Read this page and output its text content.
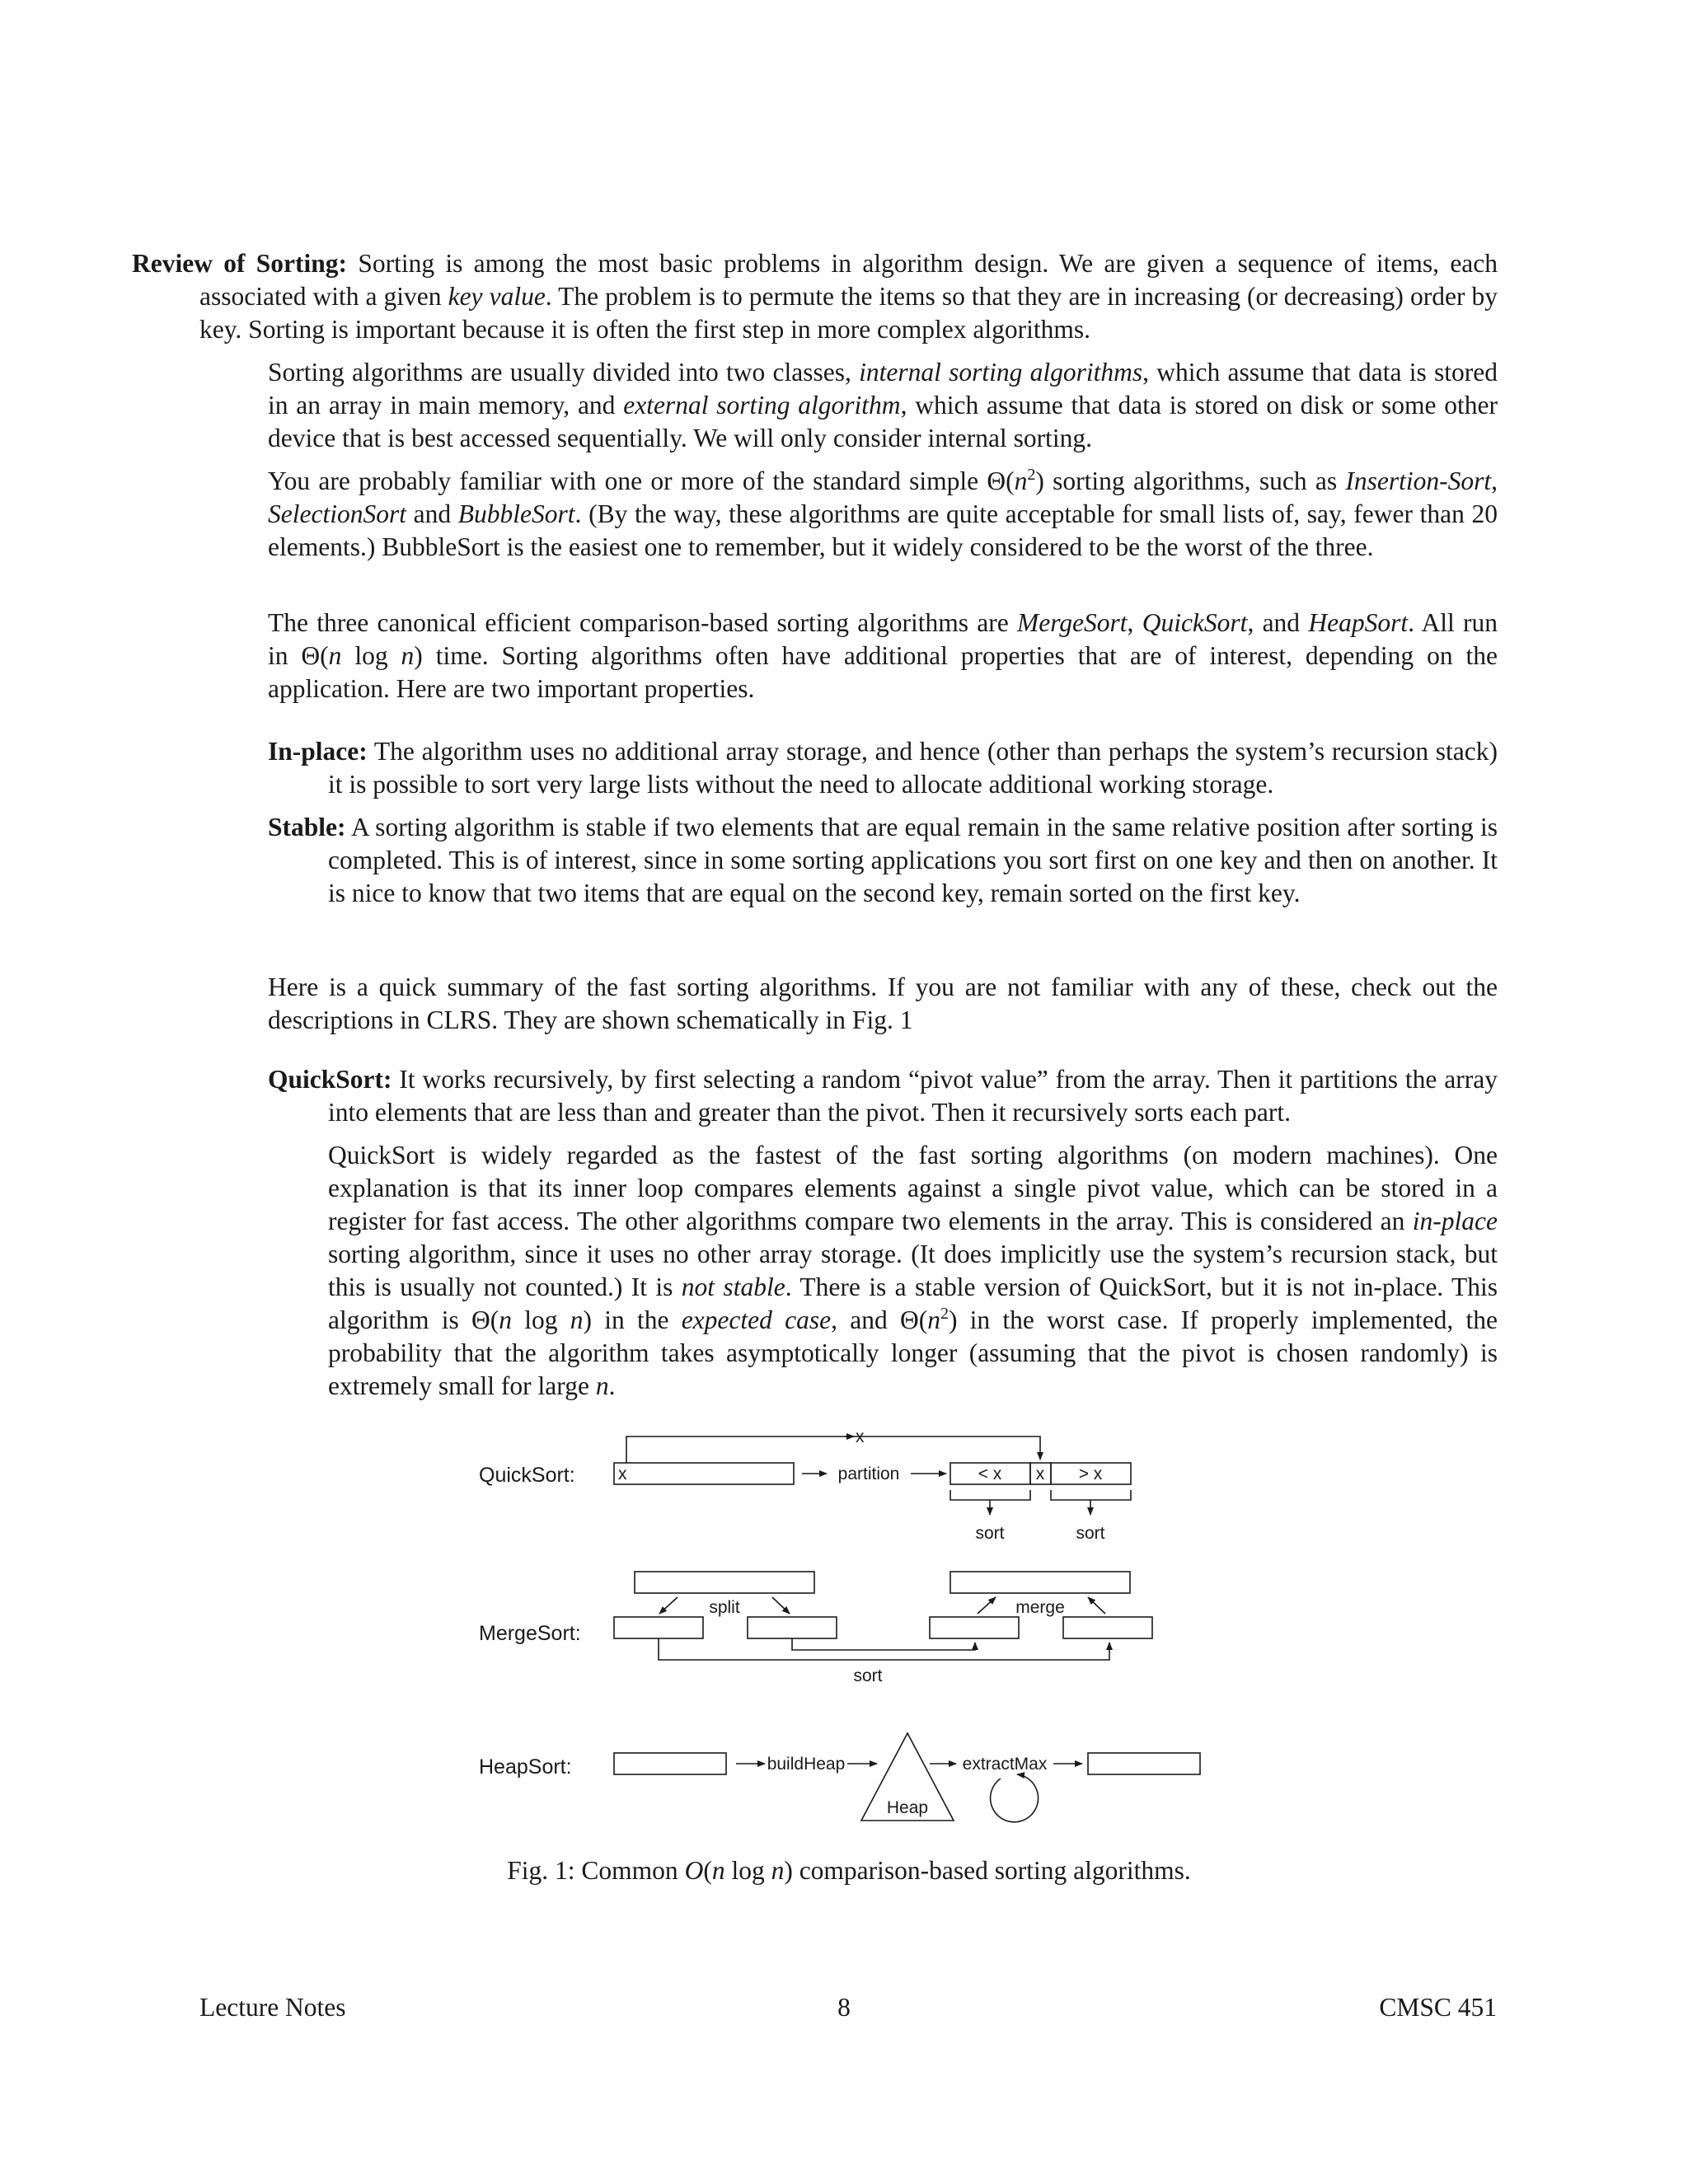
Review of Sorting: Sorting is among the most basic problems in algorithm design. We are given a sequence of items, each associated with a given key value. The problem is to permute the items so that they are in increasing (or decreasing) order by key. Sorting is important because it is often the first step in more complex algorithms.

Sorting algorithms are usually divided into two classes, internal sorting algorithms, which assume that data is stored in an array in main memory, and external sorting algorithm, which assume that data is stored on disk or some other device that is best accessed sequentially. We will only consider internal sorting.

You are probably familiar with one or more of the standard simple $\Theta(n^2)$ sorting algorithms, such as Insertion-Sort, SelectionSort and BubbleSort. (By the way, these algorithms are quite acceptable for small lists of, say, fewer than 20 elements.) BubbleSort is the easiest one to remember, but it widely considered to be the worst of the three.

The three canonical efficient comparison-based sorting algorithms are MergeSort, QuickSort, and HeapSort. All run in Θ(n log n) time. Sorting algorithms often have additional properties that are of interest, depending on the application. Here are two important properties.

In-place: The algorithm uses no additional array storage, and hence (other than perhaps the system’s recursion stack) it is possible to sort very large lists without the need to allocate additional working storage.

Stable: A sorting algorithm is stable if two elements that are equal remain in the same relative position after sorting is completed. This is of interest, since in some sorting applications you sort first on one key and then on another. It is nice to know that two items that are equal on the second key, remain sorted on the first key.

Here is a quick summary of the fast sorting algorithms. If you are not familiar with any of these, check out the descriptions in CLRS. They are shown schematically in Fig. 1

QuickSort: It works recursively, by first selecting a random “pivot value” from the array. Then it partitions the array into elements that are less than and greater than the pivot. Then it recursively sorts each part.

QuickSort is widely regarded as the fastest of the fast sorting algorithms (on modern machines). One explanation is that its inner loop compares elements against a single pivot value, which can be stored in a register for fast access. The other algorithms compare two elements in the array. This is considered an in-place sorting algorithm, since it uses no other array storage. (It does implicitly use the system’s recursion stack, but this is usually not counted.) It is not stable. There is a stable version of QuickSort, but it is not in-place. This algorithm is Θ(n log n) in the expected case, and $\Theta(n^2)$ in the worst case. If properly implemented, the probability that the algorithm takes asymptotically longer (assuming that the pivot is chosen randomly) is extremely small for large n.

QuickSort:
MergeSort:
HeapSort:
x
x	partition	< x x > x
sort	sort
split	merge
sort
buildHeap
Heap
extractMax
Fig. 1: Common O(n log n) comparison-based sorting algorithms.
Lecture Notes	8	CMSC 451
